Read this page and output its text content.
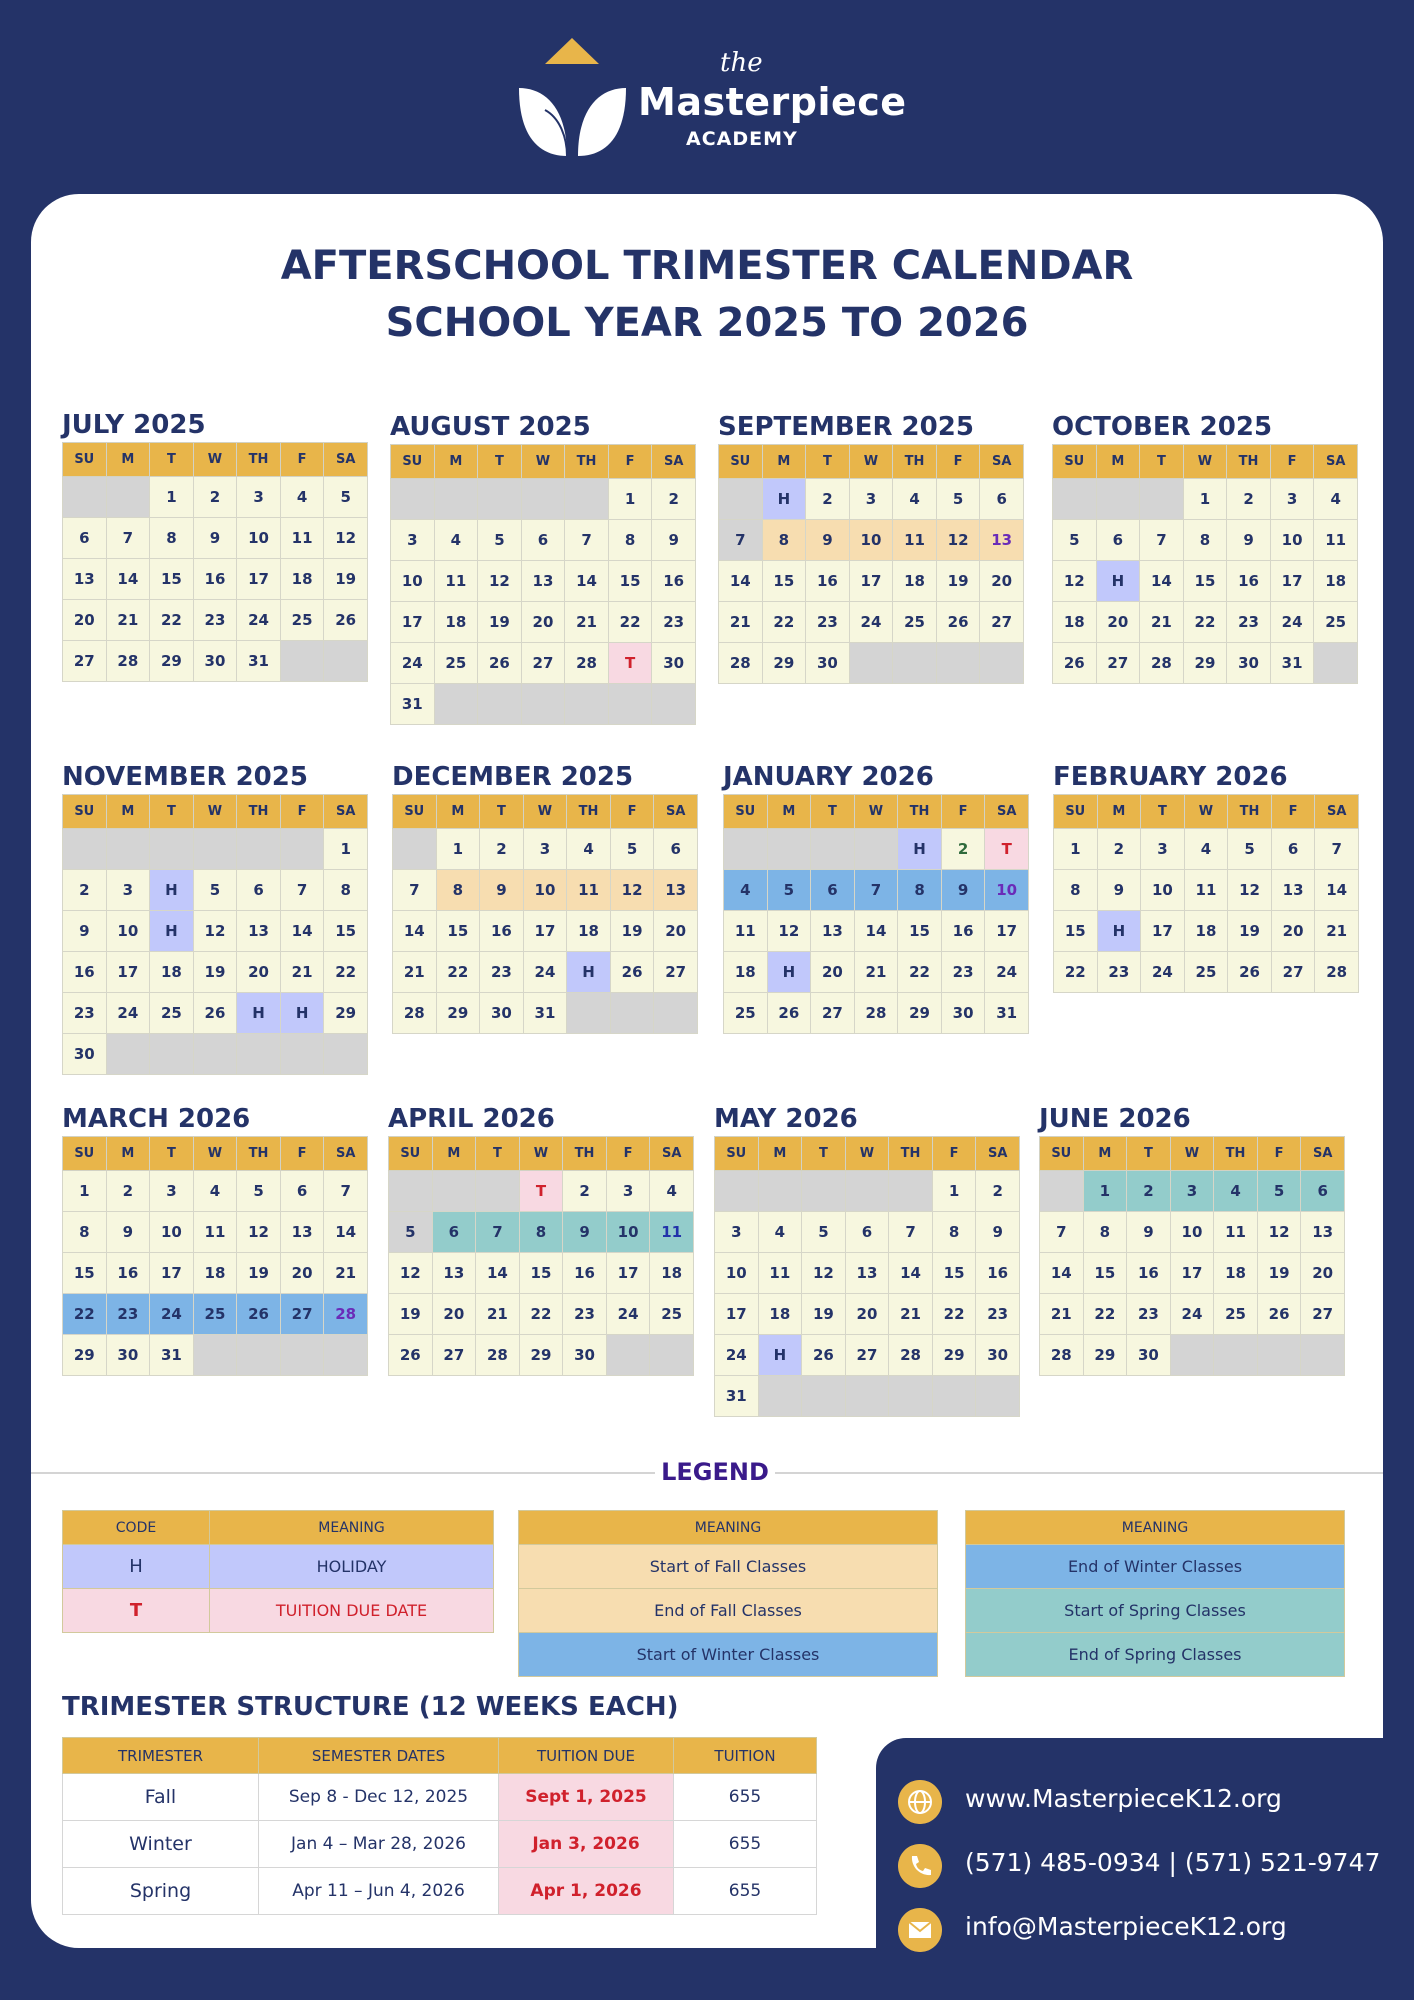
the
Masterpiece
ACADEMY
AFTERSCHOOL TRIMESTER CALENDAR
SCHOOL YEAR 2025 TO 2026
JULY 2025
SU	M	T	W	TH	F	SA
		1	2	3	4	5
6	7	8	9	10	11	12
13	14	15	16	17	18	19
20	21	22	23	24	25	26
27	28	29	30	31		
AUGUST 2025
SU	M	T	W	TH	F	SA
					1	2
3	4	5	6	7	8	9
10	11	12	13	14	15	16
17	18	19	20	21	22	23
24	25	26	27	28	T	30
31						
SEPTEMBER 2025
SU	M	T	W	TH	F	SA
	H	2	3	4	5	6
7	8	9	10	11	12	13
14	15	16	17	18	19	20
21	22	23	24	25	26	27
28	29	30				
OCTOBER 2025
SU	M	T	W	TH	F	SA
			1	2	3	4
5	6	7	8	9	10	11
12	H	14	15	16	17	18
18	20	21	22	23	24	25
26	27	28	29	30	31	
NOVEMBER 2025
SU	M	T	W	TH	F	SA
						1
2	3	H	5	6	7	8
9	10	H	12	13	14	15
16	17	18	19	20	21	22
23	24	25	26	H	H	29
30						
DECEMBER 2025
SU	M	T	W	TH	F	SA
	1	2	3	4	5	6
7	8	9	10	11	12	13
14	15	16	17	18	19	20
21	22	23	24	H	26	27
28	29	30	31			
JANUARY 2026
SU	M	T	W	TH	F	SA
				H	2	T
4	5	6	7	8	9	10
11	12	13	14	15	16	17
18	H	20	21	22	23	24
25	26	27	28	29	30	31
FEBRUARY 2026
SU	M	T	W	TH	F	SA
1	2	3	4	5	6	7
8	9	10	11	12	13	14
15	H	17	18	19	20	21
22	23	24	25	26	27	28
MARCH 2026
SU	M	T	W	TH	F	SA
1	2	3	4	5	6	7
8	9	10	11	12	13	14
15	16	17	18	19	20	21
22	23	24	25	26	27	28
29	30	31				
APRIL 2026
SU	M	T	W	TH	F	SA
			T	2	3	4
5	6	7	8	9	10	11
12	13	14	15	16	17	18
19	20	21	22	23	24	25
26	27	28	29	30		
MAY 2026
SU	M	T	W	TH	F	SA
					1	2
3	4	5	6	7	8	9
10	11	12	13	14	15	16
17	18	19	20	21	22	23
24	H	26	27	28	29	30
31						
JUNE 2026
SU	M	T	W	TH	F	SA
	1	2	3	4	5	6
7	8	9	10	11	12	13
14	15	16	17	18	19	20
21	22	23	24	25	26	27
28	29	30				
LEGEND
CODE	MEANING
H	HOLIDAY
T	TUITION DUE DATE
MEANING
Start of Fall Classes
End of Fall Classes
Start of Winter Classes
MEANING
End of Winter Classes
Start of Spring Classes
End of Spring Classes
TRIMESTER STRUCTURE (12 WEEKS EACH)
TRIMESTER	SEMESTER DATES	TUITION DUE	TUITION
Fall	Sep 8 - Dec 12, 2025	Sept 1, 2025	655
Winter	Jan 4 – Mar 28, 2026	Jan 3, 2026	655
Spring	Apr 11 – Jun 4, 2026	Apr 1, 2026	655
www.MasterpieceK12.org
(571) 485-0934 | (571) 521-9747
info@MasterpieceK12.org
